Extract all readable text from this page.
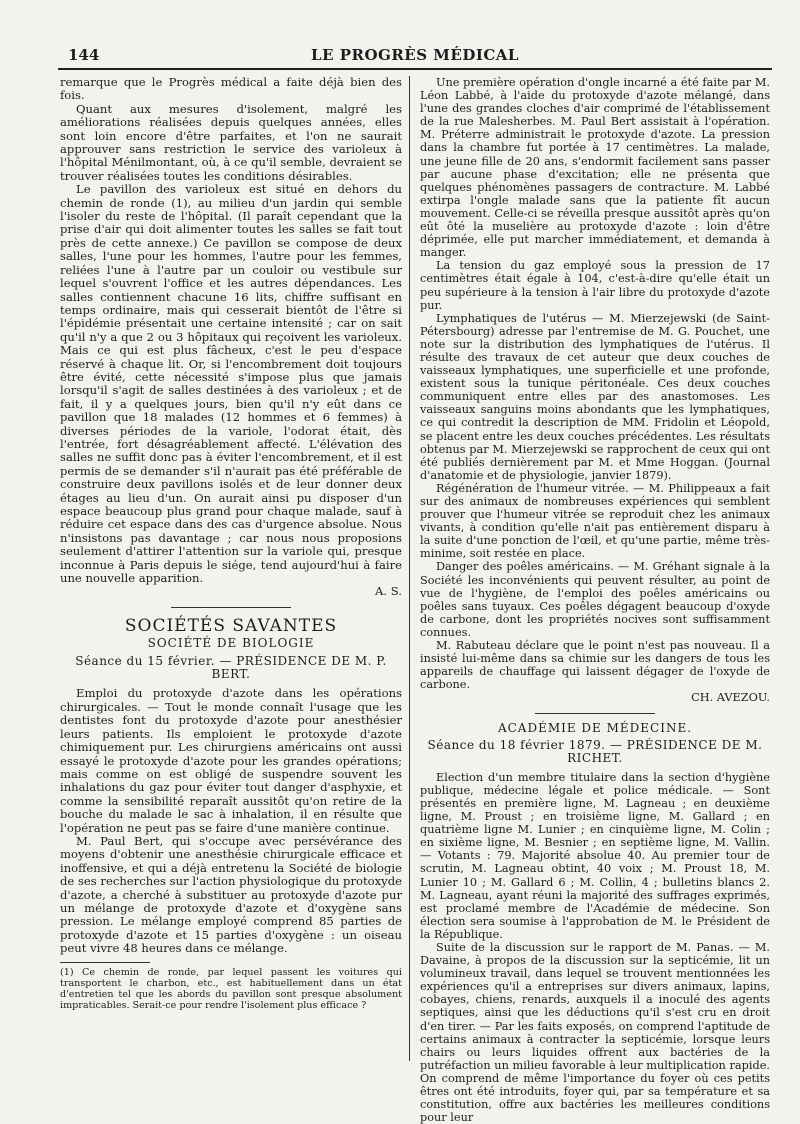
144	LE PROGRÈS MÉDICAL

remarque que le Progrès médical a faite déjà bien des fois.

Quant aux mesures d'isolement, malgré les améliorations réalisées depuis quelques années, elles sont loin encore d'être parfaites, et l'on ne saurait approuver sans restriction le service des varioleux à l'hôpital Ménilmontant, où, à ce qu'il semble, devraient se trouver réalisées toutes les conditions désirables.

Le pavillon des varioleux est situé en dehors du chemin de ronde (1), au milieu d'un jardin qui semble l'isoler du reste de l'hôpital. (Il paraît cependant que la prise d'air qui doit alimenter toutes les salles se fait tout près de cette annexe.) Ce pavillon se compose de deux salles, l'une pour les hommes, l'autre pour les femmes, reliées l'une à l'autre par un couloir ou vestibule sur lequel s'ouvrent l'office et les autres dépendances. Les salles contiennent chacune 16 lits, chiffre suffisant en temps ordinaire, mais qui cesserait bientôt de l'être si l'épidémie présentait une certaine intensité ; car on sait qu'il n'y a que 2 ou 3 hôpitaux qui reçoivent les varioleux. Mais ce qui est plus fâcheux, c'est le peu d'espace réservé à chaque lit. Or, si l'encombrement doit toujours être évité, cette nécessité s'impose plus que jamais lorsqu'il s'agit de salles destinées à des varioleux ; et de fait, il y a quelques jours, bien qu'il n'y eût dans ce pavillon que 18 malades (12 hommes et 6 femmes) à diverses périodes de la variole, l'odorat était, dès l'entrée, fort désagréablement affecté. L'élévation des salles ne suffit donc pas à éviter l'encombrement, et il est permis de se demander s'il n'aurait pas été préférable de construire deux pavillons isolés et de leur donner deux étages au lieu d'un. On aurait ainsi pu disposer d'un espace beaucoup plus grand pour chaque malade, sauf à réduire cet espace dans des cas d'urgence absolue. Nous n'insistons pas davantage ; car nous nous proposions seulement d'attirer l'attention sur la variole qui, presque inconnue à Paris depuis le siége, tend aujourd'hui à faire une nouvelle apparition.

A. S.
SOCIÉTÉS SAVANTES
SOCIÉTÉ DE BIOLOGIE
Séance du 15 février. — PRÉSIDENCE DE M. P. BERT.

Emploi du protoxyde d'azote dans les opérations chirurgicales. — Tout le monde connaît l'usage que les dentistes font du protoxyde d'azote pour anesthésier leurs patients. Ils emploient le protoxyde d'azote chimiquement pur. Les chirurgiens américains ont aussi essayé le protoxyde d'azote pour les grandes opérations; mais comme on est obligé de suspendre souvent les inhalations du gaz pour éviter tout danger d'asphyxie, et comme la sensibilité reparaît aussitôt qu'on retire de la bouche du malade le sac à inhalation, il en résulte que l'opération ne peut pas se faire d'une manière continue.

M. Paul Bert, qui s'occupe avec persévérance des moyens d'obtenir une anesthésie chirurgicale efficace et inoffensive, et qui a déjà entretenu la Société de biologie de ses recherches sur l'action physiologique du protoxyde d'azote, a cherché à substituer au protoxyde d'azote pur un mélange de protoxyde d'azote et d'oxygène sans pression. Le mélange employé comprend 85 parties de protoxyde d'azote et 15 parties d'oxygène : un oiseau peut vivre 48 heures dans ce mélange.

(1) Ce chemin de ronde, par lequel passent les voitures qui transportent le charbon, etc., est habituellement dans un état d'entretien tel que les abords du pavillon sont presque absolument impraticables. Serait-ce pour rendre l'isolement plus efficace ?

Une première opération d'ongle incarné a été faite par M. Léon Labbé, à l'aide du protoxyde d'azote mélangé, dans l'une des grandes cloches d'air comprimé de l'établissement de la rue Malesherbes. M. Paul Bert assistait à l'opération. M. Préterre administrait le protoxyde d'azote. La pression dans la chambre fut portée à 17 centimètres. La malade, une jeune fille de 20 ans, s'endormit facilement sans passer par aucune phase d'excitation; elle ne présenta que quelques phénomènes passagers de contracture. M. Labbé extirpa l'ongle malade sans que la patiente fît aucun mouvement. Celle-ci se réveilla presque aussitôt après qu'on eût ôté la muselière au protoxyde d'azote : loin d'être déprimée, elle put marcher immédiatement, et demanda à manger.

La tension du gaz employé sous la pression de 17 centimètres était égale à 104, c'est-à-dire qu'elle était un peu supérieure à la tension à l'air libre du protoxyde d'azote pur.

Lymphatiques de l'utérus — M. Mierzejewski (de Saint-Pétersbourg) adresse par l'entremise de M. G. Pouchet, une note sur la distribution des lymphatiques de l'utérus. Il résulte des travaux de cet auteur que deux couches de vaisseaux lymphatiques, une superficielle et une profonde, existent sous la tunique péritonéale. Ces deux couches communiquent entre elles par des anastomoses. Les vaisseaux sanguins moins abondants que les lymphatiques, ce qui contredit la description de MM. Fridolin et Léopold, se placent entre les deux couches précédentes. Les résultats obtenus par M. Mierzejewski se rapprochent de ceux qui ont été publiés dernièrement par M. et Mme Hoggan. (Journal d'anatomie et de physiologie, janvier 1879).

Régénération de l'humeur vitrée. — M. Philippeaux a fait sur des animaux de nombreuses expériences qui semblent prouver que l'humeur vitrée se reproduit chez les animaux vivants, à condition qu'elle n'ait pas entièrement disparu à la suite d'une ponction de l'œil, et qu'une partie, même très-minime, soit restée en place.

Danger des poêles américains. — M. Gréhant signale à la Société les inconvénients qui peuvent résulter, au point de vue de l'hygiène, de l'emploi des poêles américains ou poêles sans tuyaux. Ces poêles dégagent beaucoup d'oxyde de carbone, dont les propriétés nocives sont suffisamment connues.

M. Rabuteau déclare que le point n'est pas nouveau. Il a insisté lui-même dans sa chimie sur les dangers de tous les appareils de chauffage qui laissent dégager de l'oxyde de carbone.

CH. AVEZOU.
ACADÉMIE DE MÉDECINE.
Séance du 18 février 1879. — PRÉSIDENCE DE M. RICHET.

Election d'un membre titulaire dans la section d'hygiène publique, médecine légale et police médicale. — Sont présentés en première ligne, M. Lagneau ; en deuxième ligne, M. Proust ; en troisième ligne, M. Gallard ; en quatrième ligne M. Lunier ; en cinquième ligne, M. Colin ; en sixième ligne, M. Besnier ; en septième ligne, M. Vallin. — Votants : 79. Majorité absolue 40. Au premier tour de scrutin, M. Lagneau obtint, 40 voix ; M. Proust 18, M. Lunier 10 ; M. Gallard 6 ; M. Collin, 4 ; bulletins blancs 2. M. Lagneau, ayant réuni la majorité des suffrages exprimés, est proclamé membre de l'Académie de médecine. Son élection sera soumise à l'approbation de M. le Président de la République.

Suite de la discussion sur le rapport de M. Panas. — M. Davaine, à propos de la discussion sur la septicémie, lit un volumineux travail, dans lequel se trouvent mentionnées les expériences qu'il a entreprises sur divers animaux, lapins, cobayes, chiens, renards, auxquels il a inoculé des agents septiques, ainsi que les déductions qu'il s'est cru en droit d'en tirer. — Par les faits exposés, on comprend l'aptitude de certains animaux à contracter la septicémie, lorsque leurs chairs ou leurs liquides offrent aux bactéries de la putréfaction un milieu favorable à leur multiplication rapide. On comprend de même l'importance du foyer où ces petits êtres ont été introduits, foyer qui, par sa température et sa constitution, offre aux bactéries les meilleures conditions pour leur
